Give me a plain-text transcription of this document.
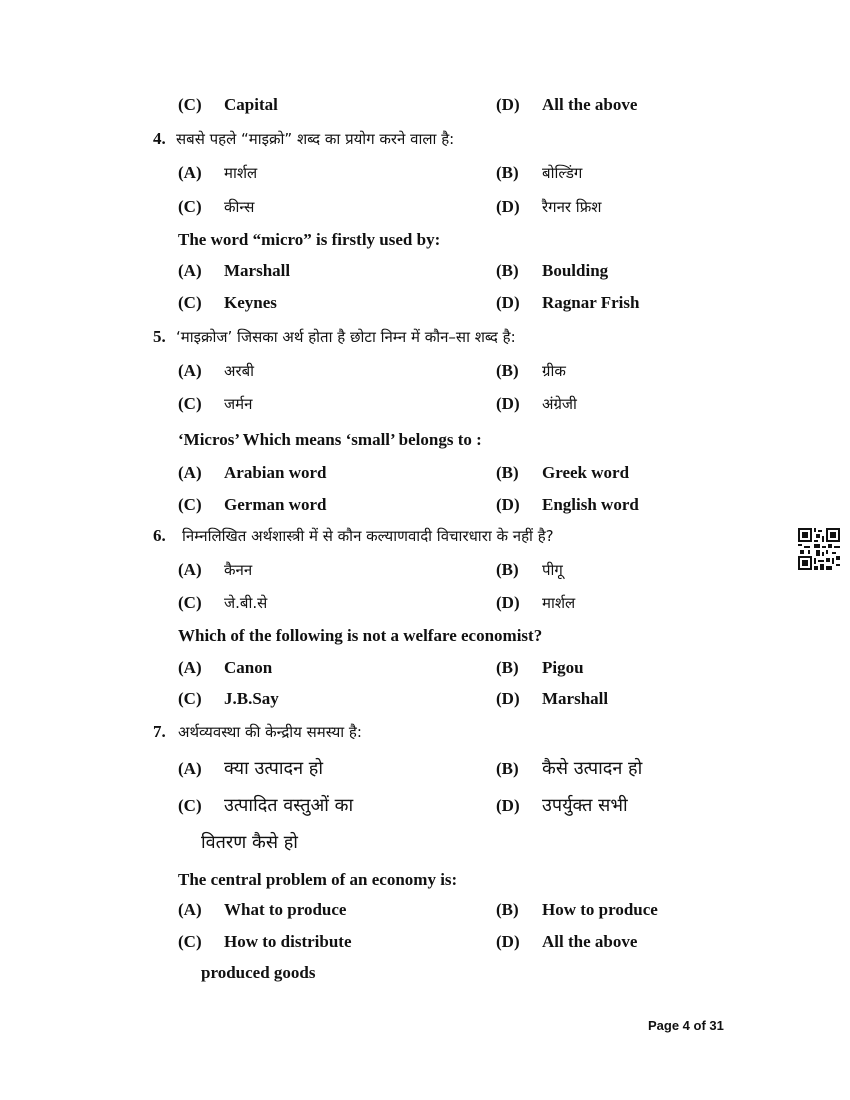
(C) Capital	(D) All the above
4. सबसे पहले “माइक्रो” शब्द का प्रयोग करने वाला है:
(A) मार्शल	(B) बोल्डिंग
(C) कीन्स	(D) रैगनर फ्रिश
The word “micro” is firstly used by:
(A) Marshall	(B) Boulding
(C) Keynes	(D) Ragnar Frish
5. ‘माइक्रोज’ जिसका अर्थ होता है छोटा निम्न में कौन–सा शब्द है:
(A) अरबी	(B) ग्रीक
(C) जर्मन	(D) अंग्रेजी
‘Micros’ Which means ‘small’ belongs to :
(A) Arabian word	(B) Greek word
(C) German word	(D) English word
6. निम्नलिखित अर्थशास्त्री में से कौन कल्याणवादी विचारधारा के नहीं है?
(A) कैनन	(B) पीगू
(C) जे.बी.से	(D) मार्शल
Which of the following is not a welfare economist?
(A) Canon	(B) Pigou
(C) J.B.Say	(D) Marshall
7. अर्थव्यवस्था की केन्द्रीय समस्या है:
(A) क्या उत्पादन हो	(B) कैसे उत्पादन हो
(C) उत्पादित वस्तुओं का	(D) उपर्युक्त सभी
वितरण कैसे हो
The central problem of an economy is:
(A) What to produce	(B) How to produce
(C) How to distribute	(D) All the above
produced goods
Page 4 of 31
